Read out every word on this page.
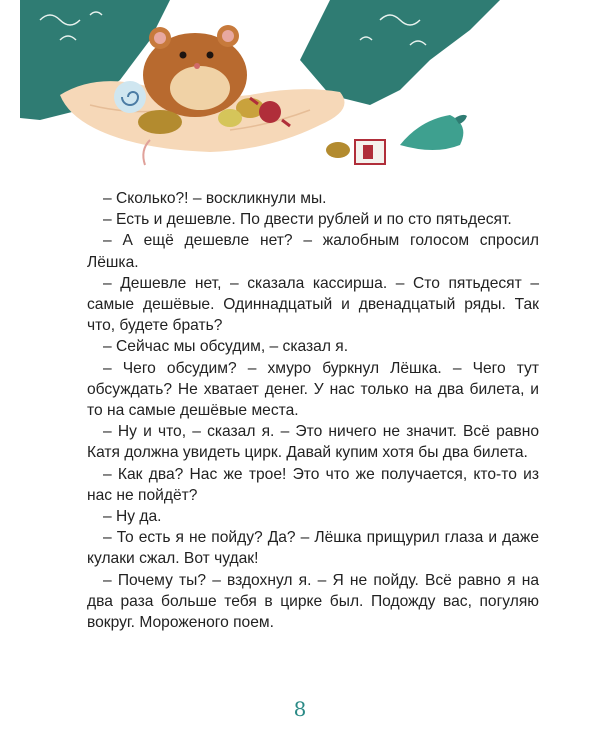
– Сколько?! – воскликнули мы.

– Есть и дешевле. По двести рублей и по сто пятьдесят.

– А ещё дешевле нет? – жалобным голосом спросил Лёшка.

– Дешевле нет, – сказала кассирша. – Сто пятьдесят – самые дешёвые. Одиннадцатый и двенадцатый ряды. Так что, будете брать?

– Сейчас мы обсудим, – сказал я.

– Чего обсудим? – хмуро буркнул Лёшка. – Чего тут обсуждать? Не хватает денег. У нас только на два билета, и то на самые дешёвые места.

– Ну и что, – сказал я. – Это ничего не значит. Всё равно Катя должна увидеть цирк. Давай купим хотя бы два билета.

– Как два? Нас же трое! Это что же получается, кто-то из нас не пойдёт?

– Ну да.

– То есть я не пойду? Да? – Лёшка прищурил глаза и даже кулаки сжал. Вот чудак!

– Почему ты? – вздохнул я. – Я не пойду. Всё равно я на два раза больше тебя в цирке был. Подожду вас, погуляю вокруг. Мороженого поем.

8
